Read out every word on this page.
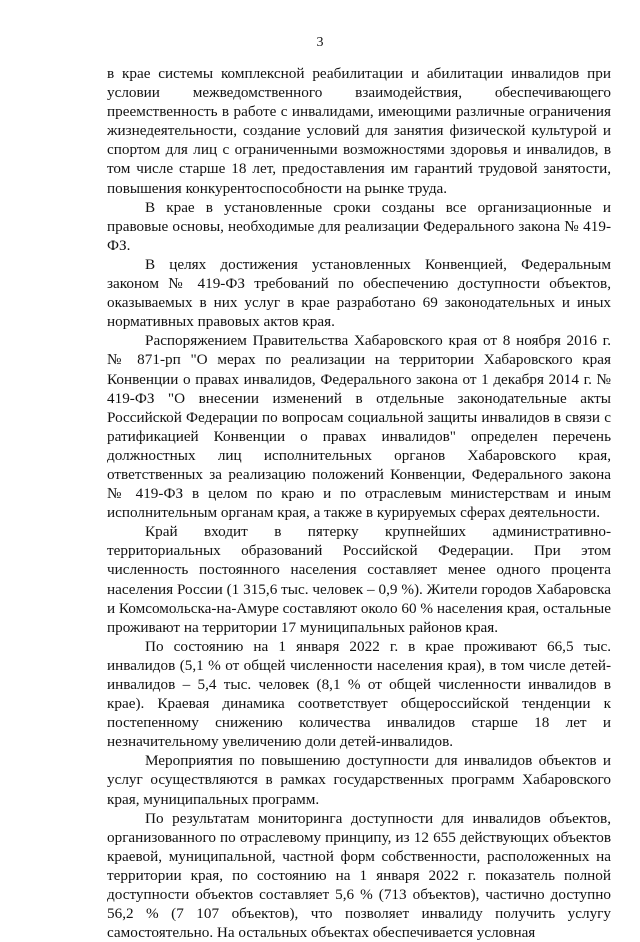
3

в крае системы комплексной реабилитации и абилитации инвалидов при условии межведомственного взаимодействия, обеспечивающего преемственность в работе с инвалидами, имеющими различные ограничения жизнедеятельности, создание условий для занятия физической культурой и спортом для лиц с ограниченными возможностями здоровья и инвалидов, в том числе старше 18 лет, предоставления им гарантий трудовой занятости, повышения конкурентоспособности на рынке труда.

В крае в установленные сроки созданы все организационные и правовые основы, необходимые для реализации Федерального закона № 419-ФЗ.

В целях достижения установленных Конвенцией, Федеральным законом № 419-ФЗ требований по обеспечению доступности объектов, оказываемых в них услуг в крае разработано 69 законодательных и иных нормативных правовых актов края.

Распоряжением Правительства Хабаровского края от 8 ноября 2016 г. № 871-рп "О мерах по реализации на территории Хабаровского края Конвенции о правах инвалидов, Федерального закона от 1 декабря 2014 г. № 419-ФЗ "О внесении изменений в отдельные законодательные акты Российской Федерации по вопросам социальной защиты инвалидов в связи с ратификацией Конвенции о правах инвалидов" определен перечень должностных лиц исполнительных органов Хабаровского края, ответственных за реализацию положений Конвенции, Федерального закона № 419-ФЗ в целом по краю и по отраслевым министерствам и иным исполнительным органам края, а также в курируемых сферах деятельности.

Край входит в пятерку крупнейших административно-территориальных образований Российской Федерации. При этом численность постоянного населения составляет менее одного процента населения России (1 315,6 тыс. человек – 0,9 %). Жители городов Хабаровска и Комсомольска-на-Амуре составляют около 60 % населения края, остальные проживают на территории 17 муниципальных районов края.

По состоянию на 1 января 2022 г. в крае проживают 66,5 тыс. инвалидов (5,1 % от общей численности населения края), в том числе детей-инвалидов – 5,4 тыс. человек (8,1 % от общей численности инвалидов в крае). Краевая динамика соответствует общероссийской тенденции к постепенному снижению количества инвалидов старше 18 лет и незначительному увеличению доли детей-инвалидов.

Мероприятия по повышению доступности для инвалидов объектов и услуг осуществляются в рамках государственных программ Хабаровского края, муниципальных программ.

По результатам мониторинга доступности для инвалидов объектов, организованного по отраслевому принципу, из 12 655 действующих объектов краевой, муниципальной, частной форм собственности, расположенных на территории края, по состоянию на 1 января 2022 г. показатель полной доступности объектов составляет 5,6 % (713 объектов), частично доступно 56,2 % (7 107 объектов), что позволяет инвалиду получить услугу самостоятельно. На остальных объектах обеспечивается условная
